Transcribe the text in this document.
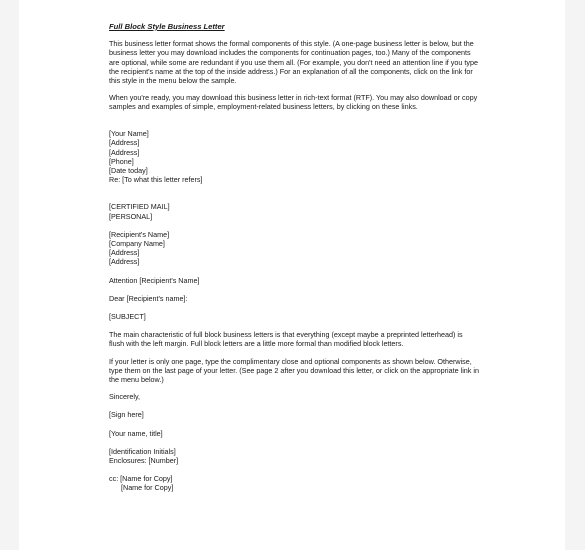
Full Block Style Business Letter

This business letter format shows the formal components of this style. (A one-page business letter is below, but the business letter you may download includes the components for continuation pages, too.) Many of the components are optional, while some are redundant if you use them all. (For example, you don't need an attention line if you type the recipient's name at the top of the inside address.) For an explanation of all the components, click on the link for this style in the menu below the sample.

When you're ready, you may download this business letter in rich-text format (RTF). You may also download or copy samples and examples of simple, employment-related business letters, by clicking on these links.

[Your Name]
[Address]
[Address]
[Phone]
[Date today]
Re: [To what this letter refers]
[CERTIFIED MAIL]
[PERSONAL]
[Recipient's Name]
[Company Name]
[Address]
[Address]
Attention [Recipient's Name]
Dear [Recipient's name]:
[SUBJECT]

The main characteristic of full block business letters is that everything (except maybe a preprinted letterhead) is flush with the left margin. Full block letters are a little more formal than modified block letters.

If your letter is only one page, type the complimentary close and optional components as shown below. Otherwise, type them on the last page of your letter. (See page 2 after you download this letter, or click on the appropriate link in the menu below.)

Sincerely,
[Sign here]
[Your name, title]
[Identification Initials]
Enclosures: [Number]
cc: [Name for Copy]
[Name for Copy]
